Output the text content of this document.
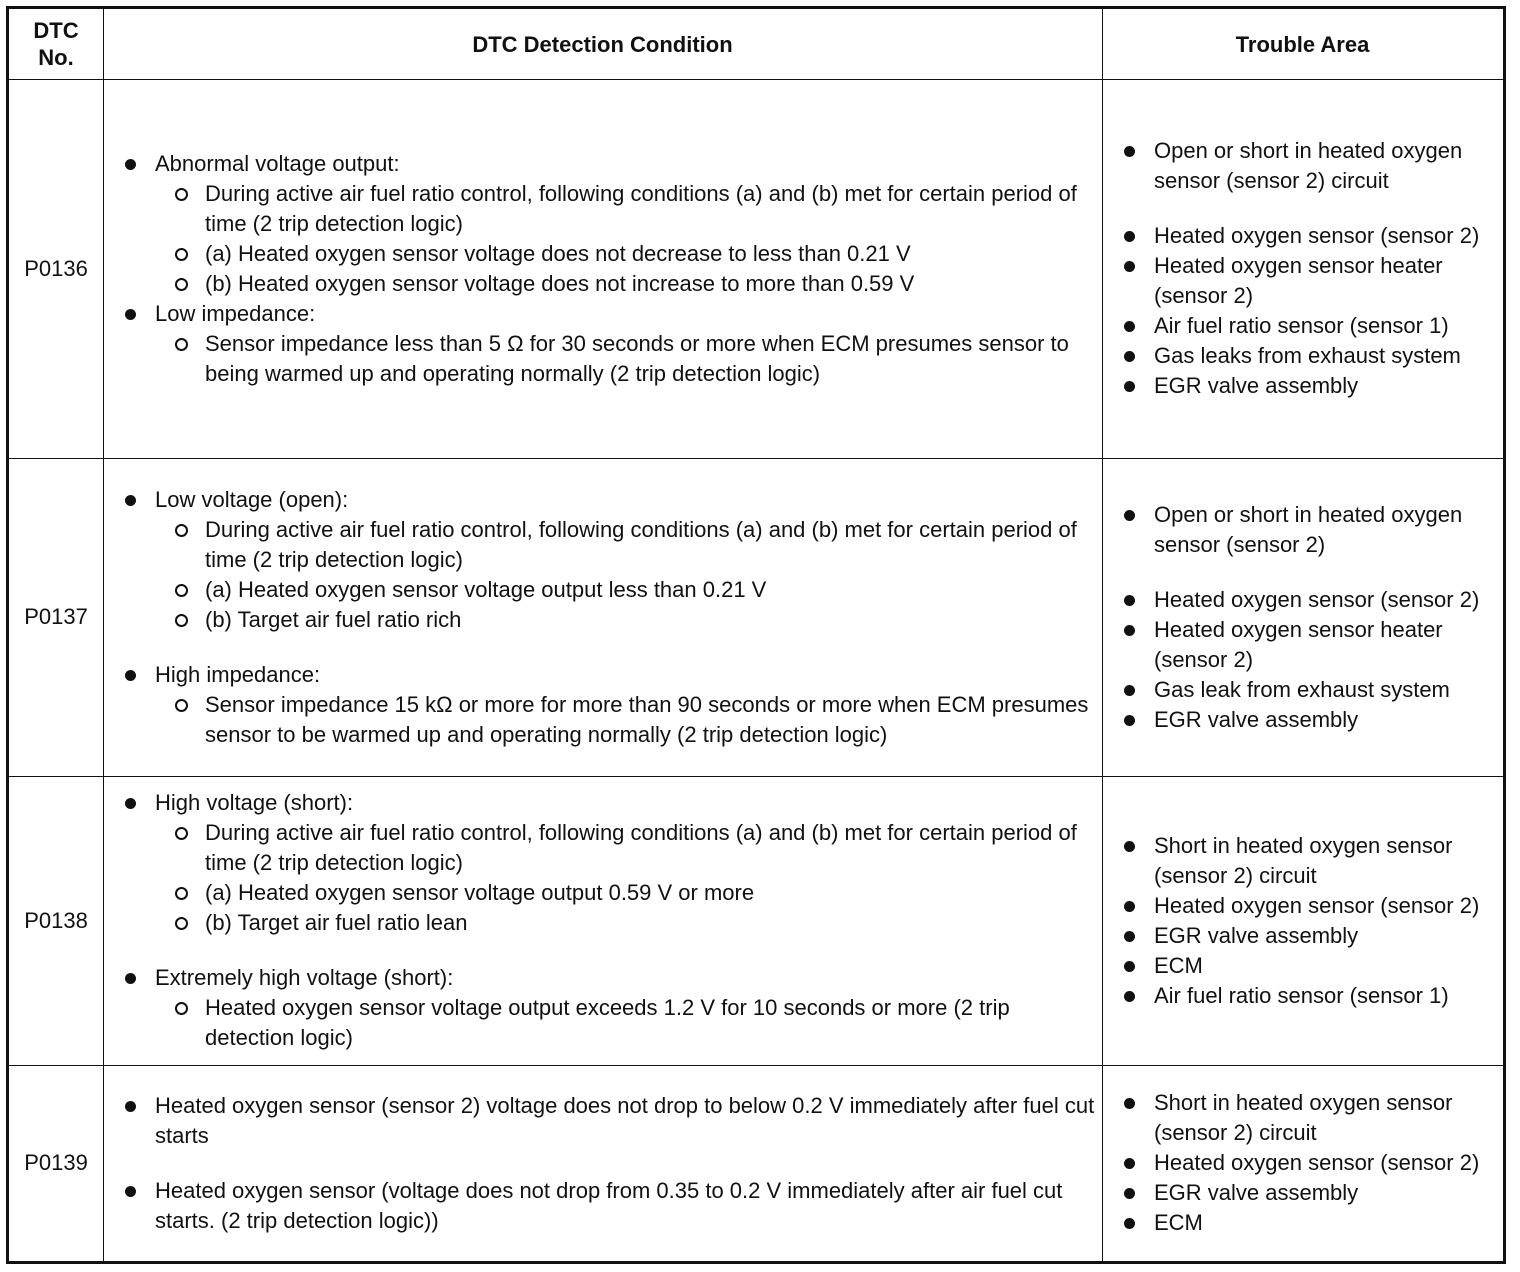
DTC No.
DTC Detection Condition	Trouble Area
P0136
Abnormal voltage output:
During active air fuel ratio control, following conditions (a) and (b) met for certain period of time (2 trip detection logic)
(a) Heated oxygen sensor voltage does not decrease to less than 0.21 V
(b) Heated oxygen sensor voltage does not increase to more than 0.59 V
Low impedance:
Sensor impedance less than 5 Ω for 30 seconds or more when ECM presumes sensor to being warmed up and operating normally (2 trip detection logic)
Open or short in heated oxygen sensor (sensor 2) circuit
Heated oxygen sensor (sensor 2)
Heated oxygen sensor heater (sensor 2)
Air fuel ratio sensor (sensor 1)
Gas leaks from exhaust system
EGR valve assembly
P0137
Low voltage (open):
During active air fuel ratio control, following conditions (a) and (b) met for certain period of time (2 trip detection logic)
(a) Heated oxygen sensor voltage output less than 0.21 V
(b) Target air fuel ratio rich
High impedance:
Sensor impedance 15 kΩ or more for more than 90 seconds or more when ECM presumes sensor to be warmed up and operating normally (2 trip detection logic)
Open or short in heated oxygen sensor (sensor 2)
Heated oxygen sensor (sensor 2)
Heated oxygen sensor heater (sensor 2)
Gas leak from exhaust system
EGR valve assembly
P0138
High voltage (short):
During active air fuel ratio control, following conditions (a) and (b) met for certain period of time (2 trip detection logic)
(a) Heated oxygen sensor voltage output 0.59 V or more
(b) Target air fuel ratio lean
Extremely high voltage (short):
Heated oxygen sensor voltage output exceeds 1.2 V for 10 seconds or more (2 trip detection logic)
Short in heated oxygen sensor (sensor 2) circuit
Heated oxygen sensor (sensor 2)
EGR valve assembly
ECM
Air fuel ratio sensor (sensor 1)
P0139
Heated oxygen sensor (sensor 2) voltage does not drop to below 0.2 V immediately after fuel cut starts
Heated oxygen sensor (voltage does not drop from 0.35 to 0.2 V immediately after air fuel cut starts. (2 trip detection logic))
Short in heated oxygen sensor (sensor 2) circuit
Heated oxygen sensor (sensor 2)
EGR valve assembly
ECM
